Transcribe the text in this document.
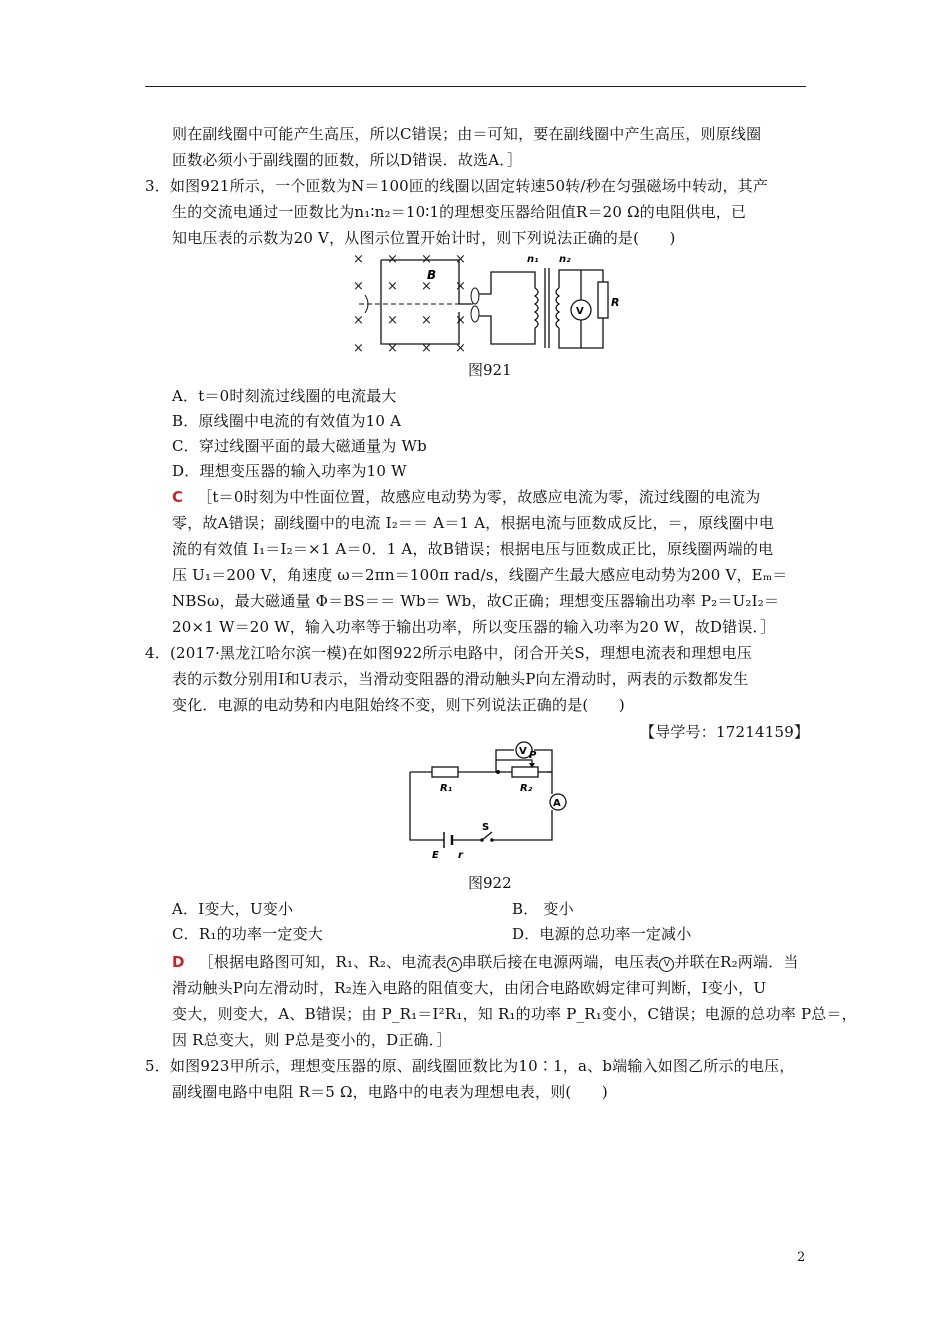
则在副线圈中可能产生高压，所以C错误；由＝可知，要在副线圈中产生高压，则原线圈
匝数必须小于副线圈的匝数，所以D错误．故选A．］
3．如图921所示，一个匝数为N＝100匝的线圈以固定转速50转/秒在匀强磁场中转动，其产
生的交流电通过一匝数比为n₁∶n₂＝10∶1的理想变压器给阻值R＝20 Ω的电阻供电，已
知电压表的示数为20 V，从图示位置开始计时，则下列说法正确的是(　　)
× × × ×
× × × ×
× × ×
×
× × × ×
B
n₁ n₂
V
R
图921
A．t＝0时刻流过线圈的电流最大
B．原线圈中电流的有效值为10 A
C．穿过线圈平面的最大磁通量为 Wb
D．理想变压器的输入功率为10 W
C ［t＝0时刻为中性面位置，故感应电动势为零，故感应电流为零，流过线圈的电流为
零，故A错误；副线圈中的电流 I₂＝＝ A＝1 A，根据电流与匝数成反比，＝，原线圈中电
流的有效值 I₁＝I₂＝×1 A＝0．1 A，故B错误；根据电压与匝数成正比，原线圈两端的电
压 U₁＝200 V，角速度 ω＝2πn＝100π rad/s，线圈产生最大感应电动势为200 V，Eₘ＝
NBSω，最大磁通量 Φ＝BS＝＝ Wb＝ Wb，故C正确；理想变压器输出功率 P₂＝U₂I₂＝
20×1 W＝20 W，输入功率等于输出功率，所以变压器的输入功率为20 W，故D错误．］
4．(2017·黑龙江哈尔滨一模)在如图922所示电路中，闭合开关S，理想电流表和理想电压
表的示数分别用I和U表示，当滑动变阻器的滑动触头P向左滑动时，两表的示数都发生
变化．电源的电动势和内电阻始终不变，则下列说法正确的是(　　)
【导学号：17214159】
V P
R₁	R₂
A
E r
S
图922
A．I变大，U变小	B． 变小
C．R₁的功率一定变大	D．电源的总功率一定减小
D ［根据电路图可知，R₁、R₂、电流表 A 串联后接在电源两端，电压表 V 并联在R₂两端．当
滑动触头P向左滑动时，R₂连入电路的阻值变大，由闭合电路欧姆定律可判断，I变小，U
变大，则变大，A、B错误；由 P_R₁＝I²R₁，知 R₁的功率 P_R₁变小，C错误；电源的总功率 P总＝，
因 R总变大，则 P总是变小的，D正确．］
5．如图923甲所示，理想变压器的原、副线圈匝数比为10∶1，a、b端输入如图乙所示的电压，
副线圈电路中电阻 R＝5 Ω，电路中的电表为理想电表，则(　　)
2
